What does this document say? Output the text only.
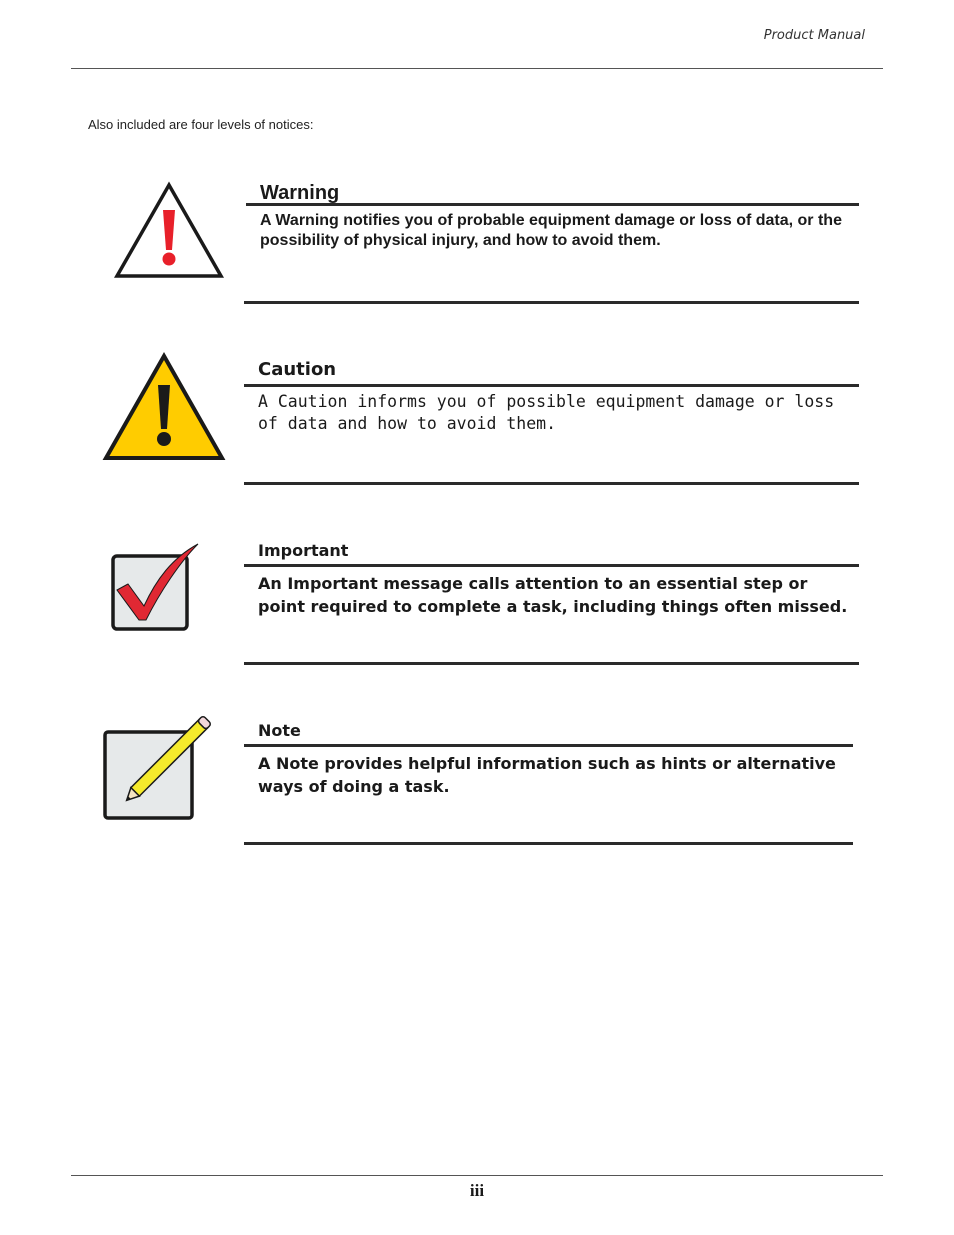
Product Manual
Also included are four levels of notices:
Warning

A Warning notifies you of probable equipment damage or loss of data, or the possibility of physical injury, and how to avoid them.

Caution

A Caution informs you of possible equipment damage or loss of data and how to avoid them.

Important

An Important message calls attention to an essential step or point required to complete a task, including things often missed.

Note

A Note provides helpful information such as hints or alternative ways of doing a task.

iii
